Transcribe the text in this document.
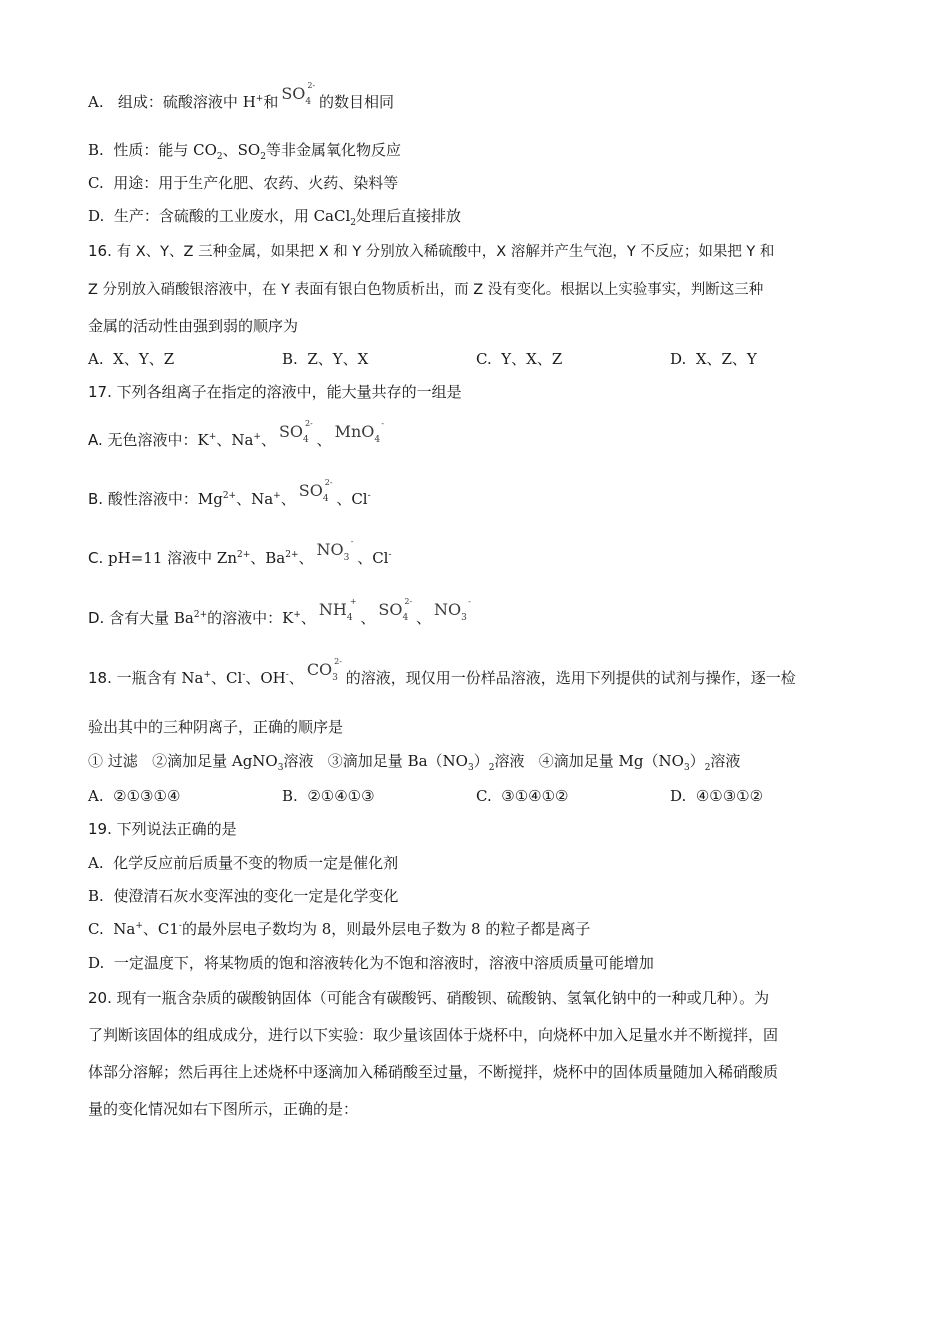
A. 组成：硫酸溶液中 H+和 SO4
2-
的数目相同
B. 性质：能与 $CO_2$、$SO_2$等非金属氧化物反应
C. 用途：用于生产化肥、农药、火药、染料等
D. 生产：含硫酸的工业废水，用 CaCl$_2$处理后直接排放
16. 有 X、Y、Z 三种金属，如果把 X 和 Y 分别放入稀硫酸中，X 溶解并产生气泡，Y 不反应；如果把 Y 和
Z 分别放入硝酸银溶液中，在 Y 表面有银白色物质析出，而 Z 没有变化。根据以上实验事实，判断这三种
金属的活动性由强到弱的顺序为
A. X、Y、Z	B. Z、Y、X	C. Y、X、Z	D. X、Z、Y
17. 下列各组离子在指定的溶液中，能大量共存的一组是
A. 无色溶液中：K+、Na+、 SO4
2-
、 MnO4
-
B. 酸性溶液中：$Mg^{2+}$、Na+、 SO4
2-
、Cl-
C. pH=11 溶液中 $Zn^{2+}$、$Ba^{2+}$、 NO3
-
、Cl-
D. 含有大量 $Ba^{2+}$的溶液中：K+、 NH4
+
、 SO4
2-
、 NO3
-
18. 一瓶含有 Na+、Cl-、OH-、 CO3
2-
的溶液，现仅用一份样品溶液，选用下列提供的试剂与操作，逐一检
验出其中的三种阴离子，正确的顺序是
① 过滤 ②滴加足量 AgNO$_3$溶液 ③滴加足量 $Ba(NO_3)_2$溶液 ④滴加足量 $Mg(NO_3)_2$溶液
A. ②①③①④	B. ②①④①③	C. ③①④①②	D. ④①③①②
19. 下列说法正确的是
A. 化学反应前后质量不变的物质一定是催化剂
B. 使澄清石灰水变浑浊的变化一定是化学变化
C. Na+、C1-的最外层电子数均为 8，则最外层电子数为 8 的粒子都是离子
D. 一定温度下，将某物质的饱和溶液转化为不饱和溶液时，溶液中溶质质量可能增加
20. 现有一瓶含杂质的碳酸钠固体（可能含有碳酸钙、硝酸钡、硫酸钠、氢氧化钠中的一种或几种）。为
了判断该固体的组成成分，进行以下实验：取少量该固体于烧杯中，向烧杯中加入足量水并不断搅拌，固
体部分溶解；然后再往上述烧杯中逐滴加入稀硝酸至过量，不断搅拌，烧杯中的固体质量随加入稀硝酸质
量的变化情况如右下图所示，正确的是：
